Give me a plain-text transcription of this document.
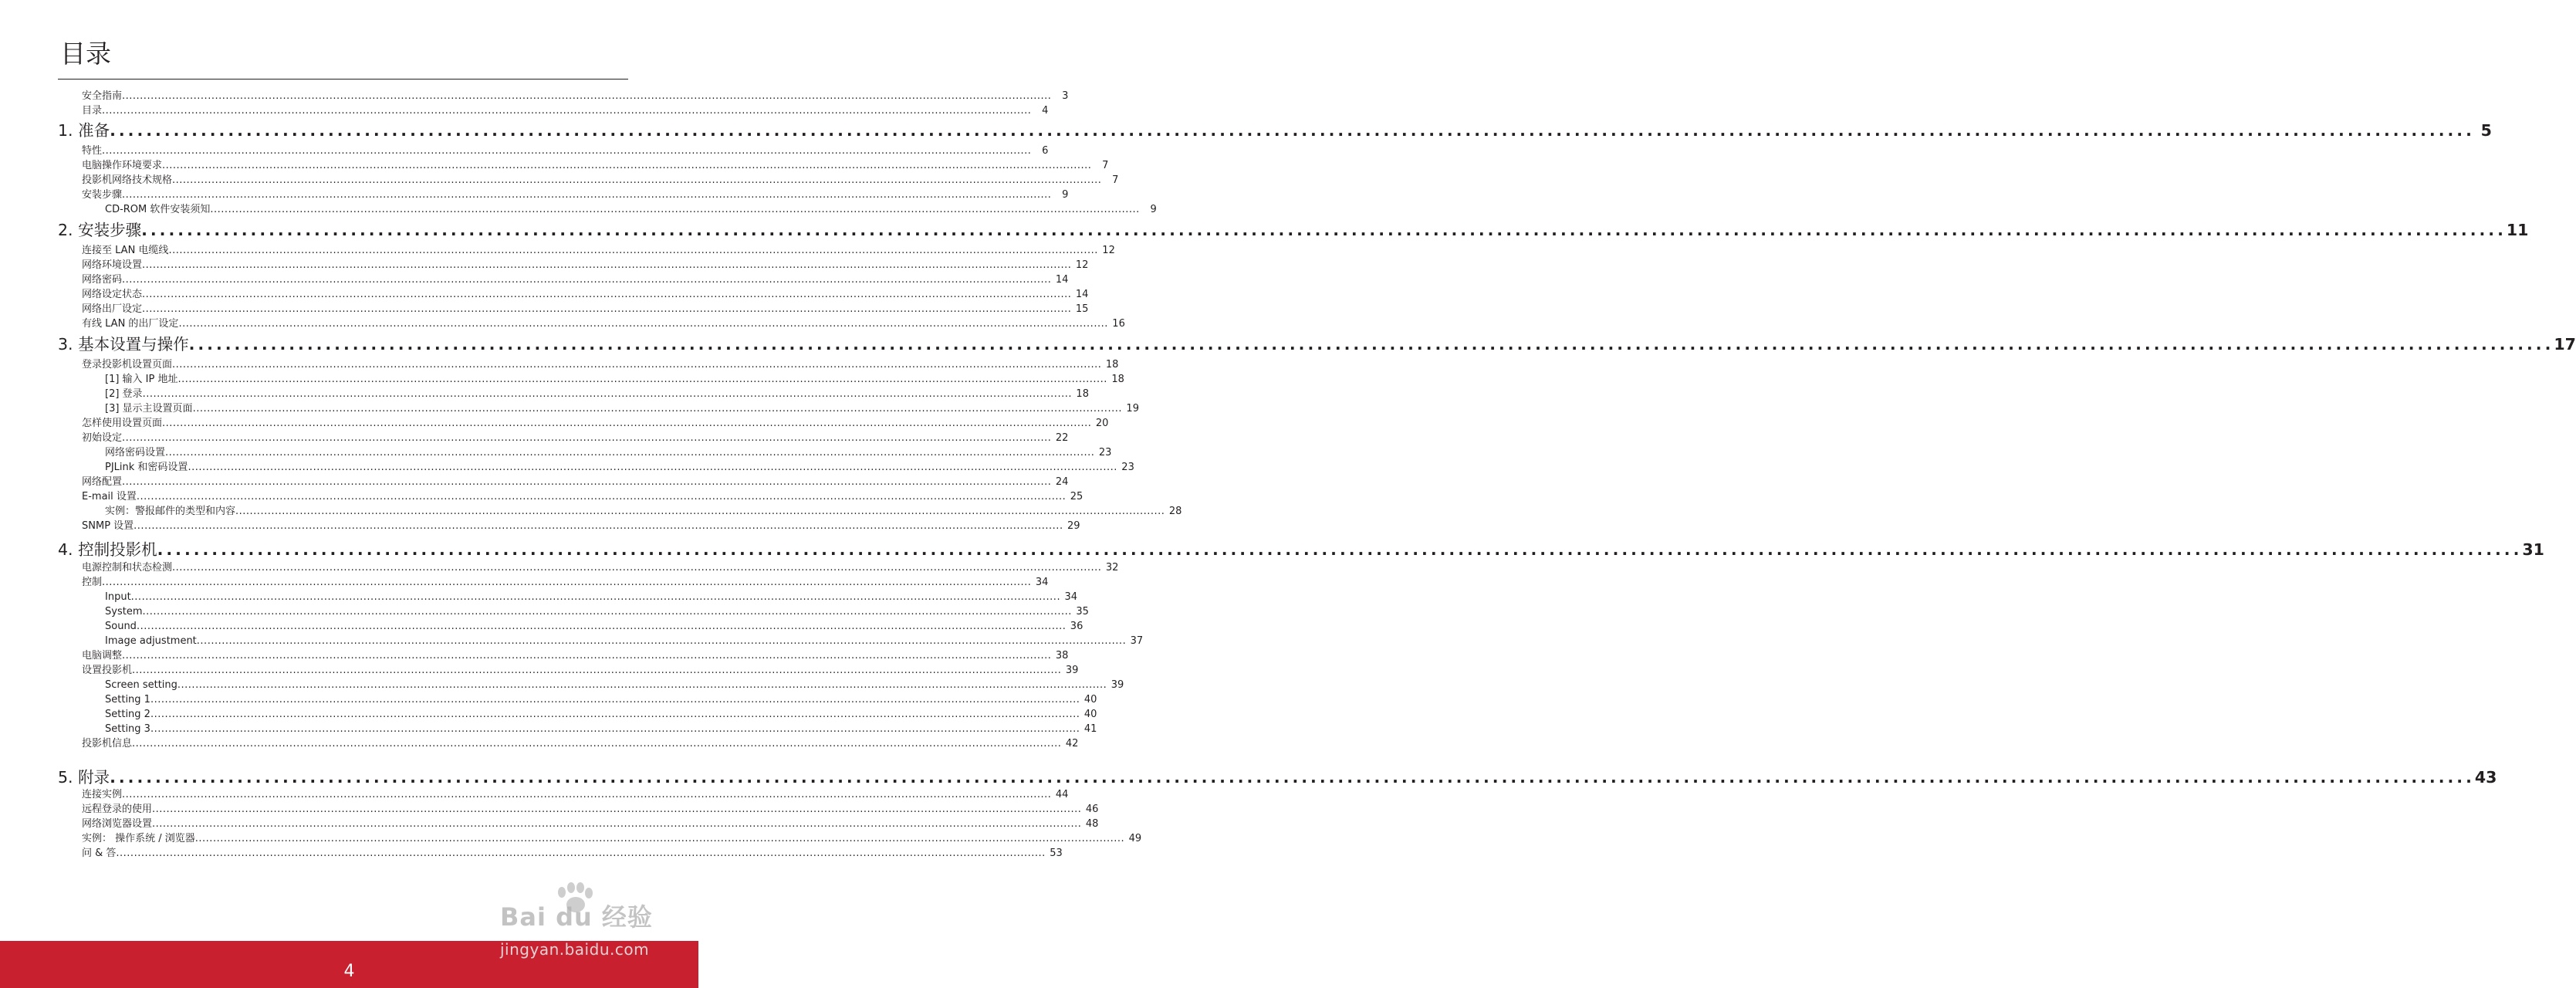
目录
安全指南 ....................................................................................................................................................................................................................................................................	3
目录 ....................................................................................................................................................................................................................................................................	4
1. 准备 .................................................................................................................................................................................................................................................................... 5
特性 ....................................................................................................................................................................................................................................................................	6
电脑操作环境要求 ....................................................................................................................................................................................................................................................................	7
投影机网络技术规格 ....................................................................................................................................................................................................................................................................	7
安装步骤 ....................................................................................................................................................................................................................................................................	9
CD-ROM 软件安装须知 ....................................................................................................................................................................................................................................................................	9
2. 安装步骤 .................................................................................................................................................................................................................................................................... 11
连接至 LAN 电缆线 .................................................................................................................................................................................................................................................................... 12
网络环境设置 .................................................................................................................................................................................................................................................................... 12
网络密码 .................................................................................................................................................................................................................................................................... 14
网络设定状态 .................................................................................................................................................................................................................................................................... 14
网络出厂设定 .................................................................................................................................................................................................................................................................... 15
有线 LAN 的出厂设定 .................................................................................................................................................................................................................................................................... 16
3. 基本设置与操作 .................................................................................................................................................................................................................................................................... 17
登录投影机设置页面 .................................................................................................................................................................................................................................................................... 18
[1] 输入 IP 地址 .................................................................................................................................................................................................................................................................... 18
[2] 登录 .................................................................................................................................................................................................................................................................... 18
[3] 显示主设置页面 .................................................................................................................................................................................................................................................................... 19
怎样使用设置页面 .................................................................................................................................................................................................................................................................... 20
初始设定 .................................................................................................................................................................................................................................................................... 22
网络密码设置 .................................................................................................................................................................................................................................................................... 23
PJLink 和密码设置 .................................................................................................................................................................................................................................................................... 23
网络配置 .................................................................................................................................................................................................................................................................... 24
E-mail 设置 .................................................................................................................................................................................................................................................................... 25
实例：警报邮件的类型和内容 .................................................................................................................................................................................................................................................................... 28
SNMP 设置 .................................................................................................................................................................................................................................................................... 29
4. 控制投影机 .................................................................................................................................................................................................................................................................... 31
电源控制和状态检测 .................................................................................................................................................................................................................................................................... 32
控制 .................................................................................................................................................................................................................................................................... 34
Input .................................................................................................................................................................................................................................................................... 34
System .................................................................................................................................................................................................................................................................... 35
Sound .................................................................................................................................................................................................................................................................... 36
Image adjustment .................................................................................................................................................................................................................................................................... 37
电脑调整 .................................................................................................................................................................................................................................................................... 38
设置投影机 .................................................................................................................................................................................................................................................................... 39
Screen setting .................................................................................................................................................................................................................................................................... 39
Setting 1 .................................................................................................................................................................................................................................................................... 40
Setting 2 .................................................................................................................................................................................................................................................................... 40
Setting 3 .................................................................................................................................................................................................................................................................... 41
投影机信息 .................................................................................................................................................................................................................................................................... 42
5. 附录 .................................................................................................................................................................................................................................................................... 43
连接实例 .................................................................................................................................................................................................................................................................... 44
远程登录的使用 .................................................................................................................................................................................................................................................................... 46
网络浏览器设置 .................................................................................................................................................................................................................................................................... 48
实例： 操作系统 / 浏览器 .................................................................................................................................................................................................................................................................... 49
问 & 答 .................................................................................................................................................................................................................................................................... 53
4
Bai du 经验
jingyan.baidu.com
